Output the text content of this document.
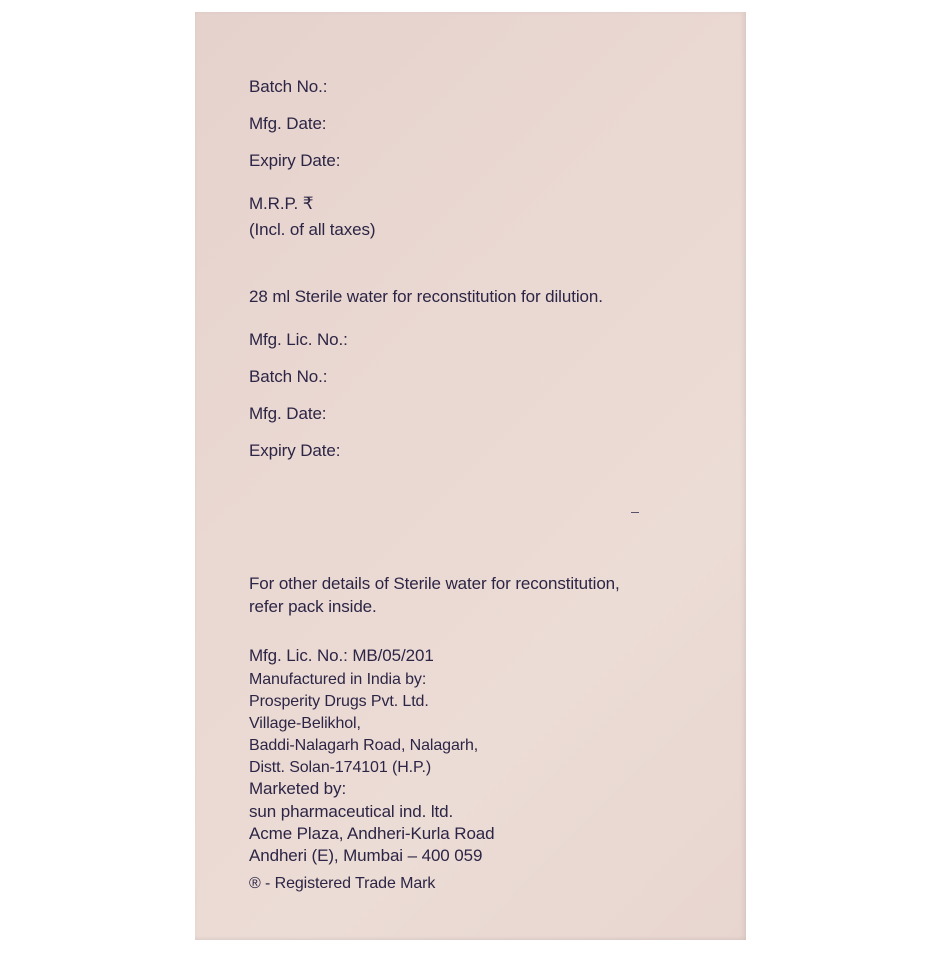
Batch No.:
Mfg. Date:
Expiry Date:
M.R.P. ₹
(Incl. of all taxes)
28 ml Sterile water for reconstitution for dilution.
Mfg. Lic. No.:
Batch No.:
Mfg. Date:
Expiry Date:
For other details of Sterile water for reconstitution,
refer pack inside.
Mfg. Lic. No.: MB/05/201
Manufactured in India by:
Prosperity Drugs Pvt. Ltd.
Village-Belikhol,
Baddi-Nalagarh Road, Nalagarh,
Distt. Solan-174101 (H.P.)
Marketed by:
sun pharmaceutical ind. ltd.
Acme Plaza, Andheri-Kurla Road
Andheri (E), Mumbai – 400 059
® - Registered Trade Mark
